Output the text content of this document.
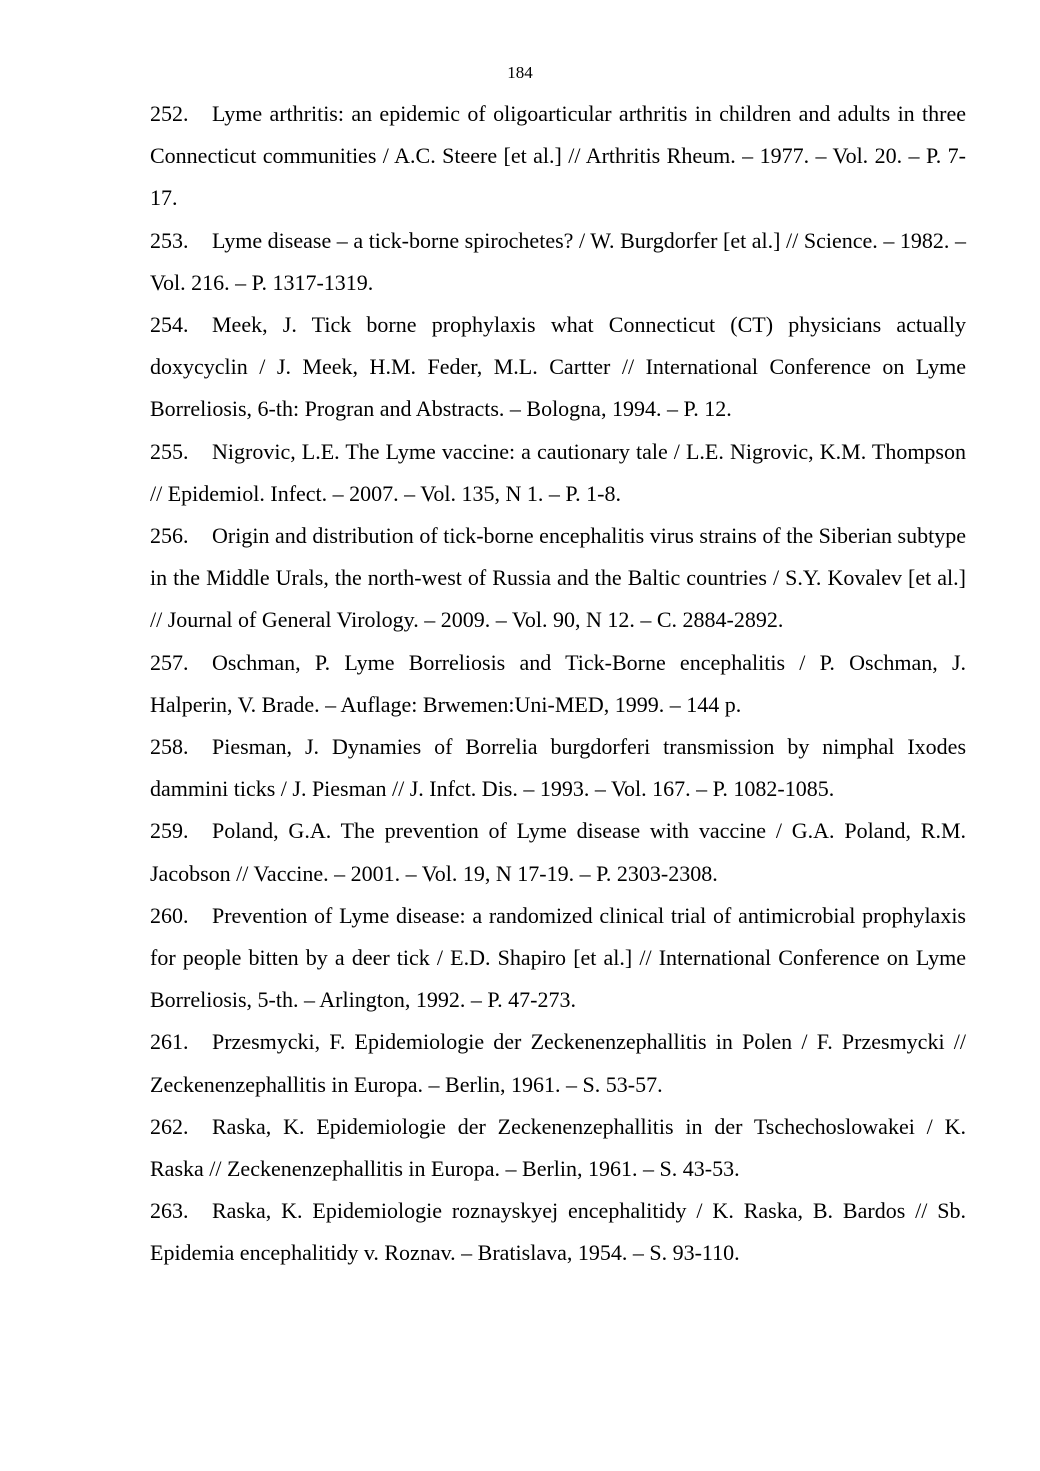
184
252. Lyme arthritis: an epidemic of oligoarticular arthritis in children and adults in three Connecticut communities / A.C. Steere [et al.] // Arthritis Rheum. – 1977. – Vol. 20. – P. 7-17.
253. Lyme disease – a tick-borne spirochetes? / W. Burgdorfer [et al.] // Science. – 1982. – Vol. 216. – P. 1317-1319.
254. Meek, J. Tick borne prophylaxis what Connecticut (CT) physicians actually doxycyclin / J. Meek, H.M. Feder, M.L. Cartter // International Conference on Lyme Borreliosis, 6-th: Progran and Abstracts. – Bologna, 1994. – P. 12.
255. Nigrovic, L.E. The Lyme vaccine: a cautionary tale / L.E. Nigrovic, K.M. Thompson // Epidemiol. Infect. – 2007. – Vol. 135, N 1. – P. 1-8.
256. Origin and distribution of tick-borne encephalitis virus strains of the Siberian subtype in the Middle Urals, the north-west of Russia and the Baltic countries / S.Y. Kovalev [et al.] // Journal of General Virology. – 2009. – Vol. 90, N 12. – C. 2884-2892.
257. Oschman, P. Lyme Borreliosis and Tick-Borne encephalitis / P. Oschman, J. Halperin, V. Brade. – Auflage: Brwemen:Uni-MED, 1999. – 144 p.
258. Piesman, J. Dynamies of Borrelia burgdorferi transmission by nimphal Ixodes dammini ticks / J. Piesman // J. Infct. Dis. – 1993. – Vol. 167. – P. 1082-1085.
259. Poland, G.A. The prevention of Lyme disease with vaccine / G.A. Poland, R.M. Jacobson // Vaccine. – 2001. – Vol. 19, N 17-19. – P. 2303-2308.
260. Prevention of Lyme disease: a randomized clinical trial of antimicrobial prophylaxis for people bitten by a deer tick / E.D. Shapiro [et al.] // International Conference on Lyme Borreliosis, 5-th. – Arlington, 1992. – P. 47-273.
261. Przesmycki, F. Epidemiologie der Zeckenenzephallitis in Polen / F. Przesmycki // Zeckenenzephallitis in Europa. – Berlin, 1961. – S. 53-57.
262. Raska, K. Epidemiologie der Zeckenenzephallitis in der Tschechoslowakei / K. Raska // Zeckenenzephallitis in Europa. – Berlin, 1961. – S. 43-53.
263. Raska, K. Epidemiologie roznayskyej encephalitidy / K. Raska, B. Bardos // Sb. Epidemia encephalitidy v. Roznav. – Bratislava, 1954. – S. 93-110.
